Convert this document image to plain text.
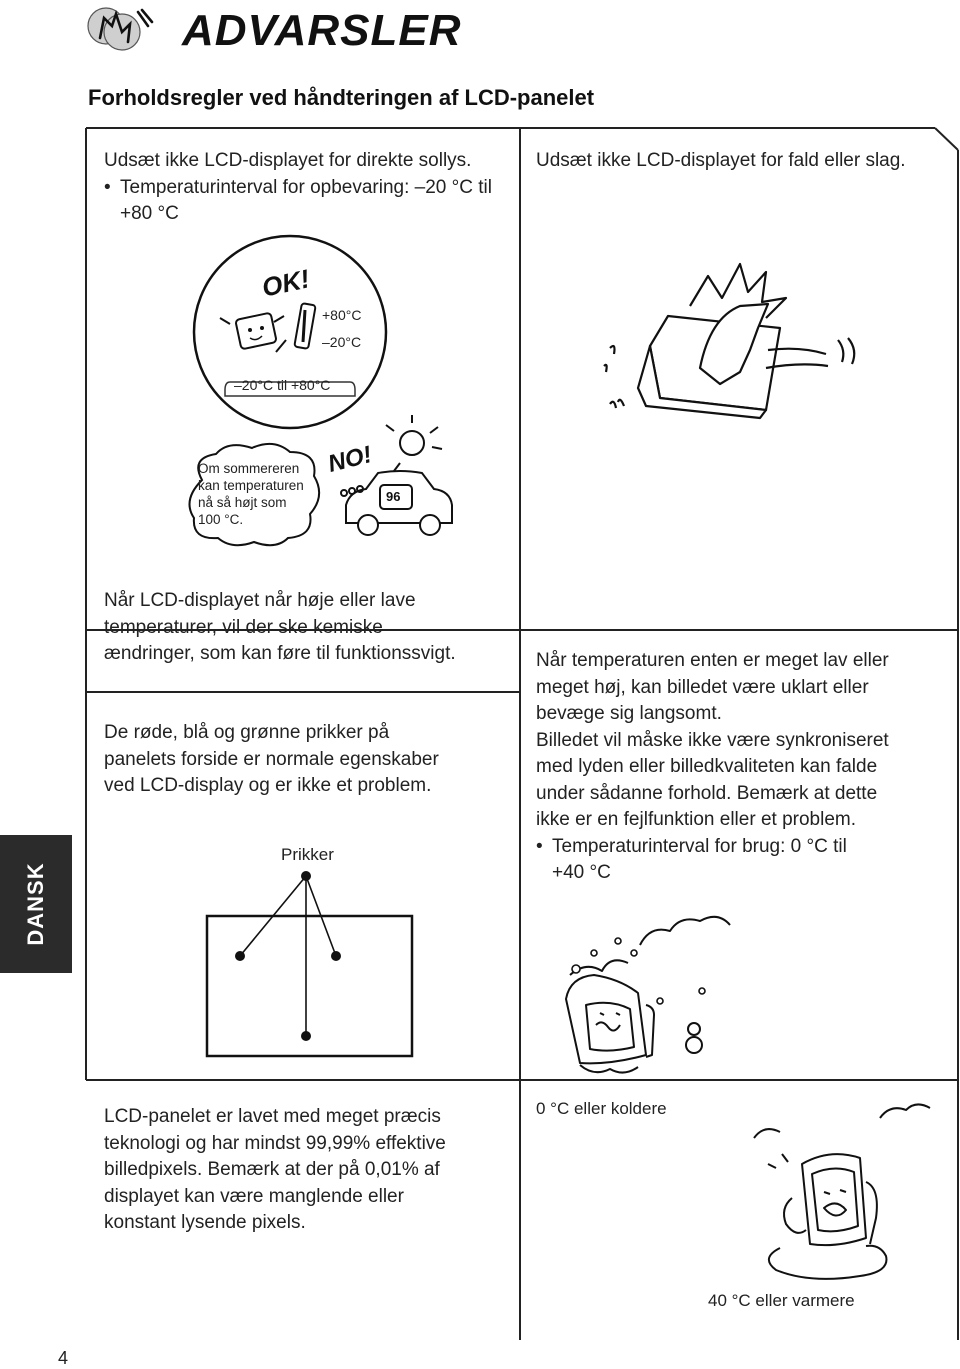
ADVARSLER
Forholdsregler ved håndteringen af LCD-panelet
Udsæt ikke LCD-displayet for direkte sollys.
• Temperaturinterval for opbevaring: –20 °C til +80 °C
Udsæt ikke LCD-displayet for fald eller slag.
OK!
+80°C
–20°C
–20°C til +80°C
Om sommereren
kan temperaturen
nå så højt som
100 °C.
96
NO!
Når LCD-displayet når høje eller lave
temperaturer, vil der ske kemiske
ændringer, som kan føre til funktionssvigt.
De røde, blå og grønne prikker på
panelets forside er normale egenskaber
ved LCD-display og er ikke et problem.
Prikker
Når temperaturen enten er meget lav eller
meget høj, kan billedet være uklart eller
bevæge sig langsomt.
Billedet vil måske ikke være synkroniseret
med lyden eller billedkvaliteten kan falde
under sådanne forhold. Bemærk at dette
ikke er en fejlfunktion eller et problem.
• Temperaturinterval for brug: 0 °C til
+40 °C
LCD-panelet er lavet med meget præcis
teknologi og har mindst 99,99% effektive
billedpixels. Bemærk at der på 0,01% af
displayet kan være manglende eller
konstant lysende pixels.
0 °C eller koldere
40 °C eller varmere
DANSK
4
